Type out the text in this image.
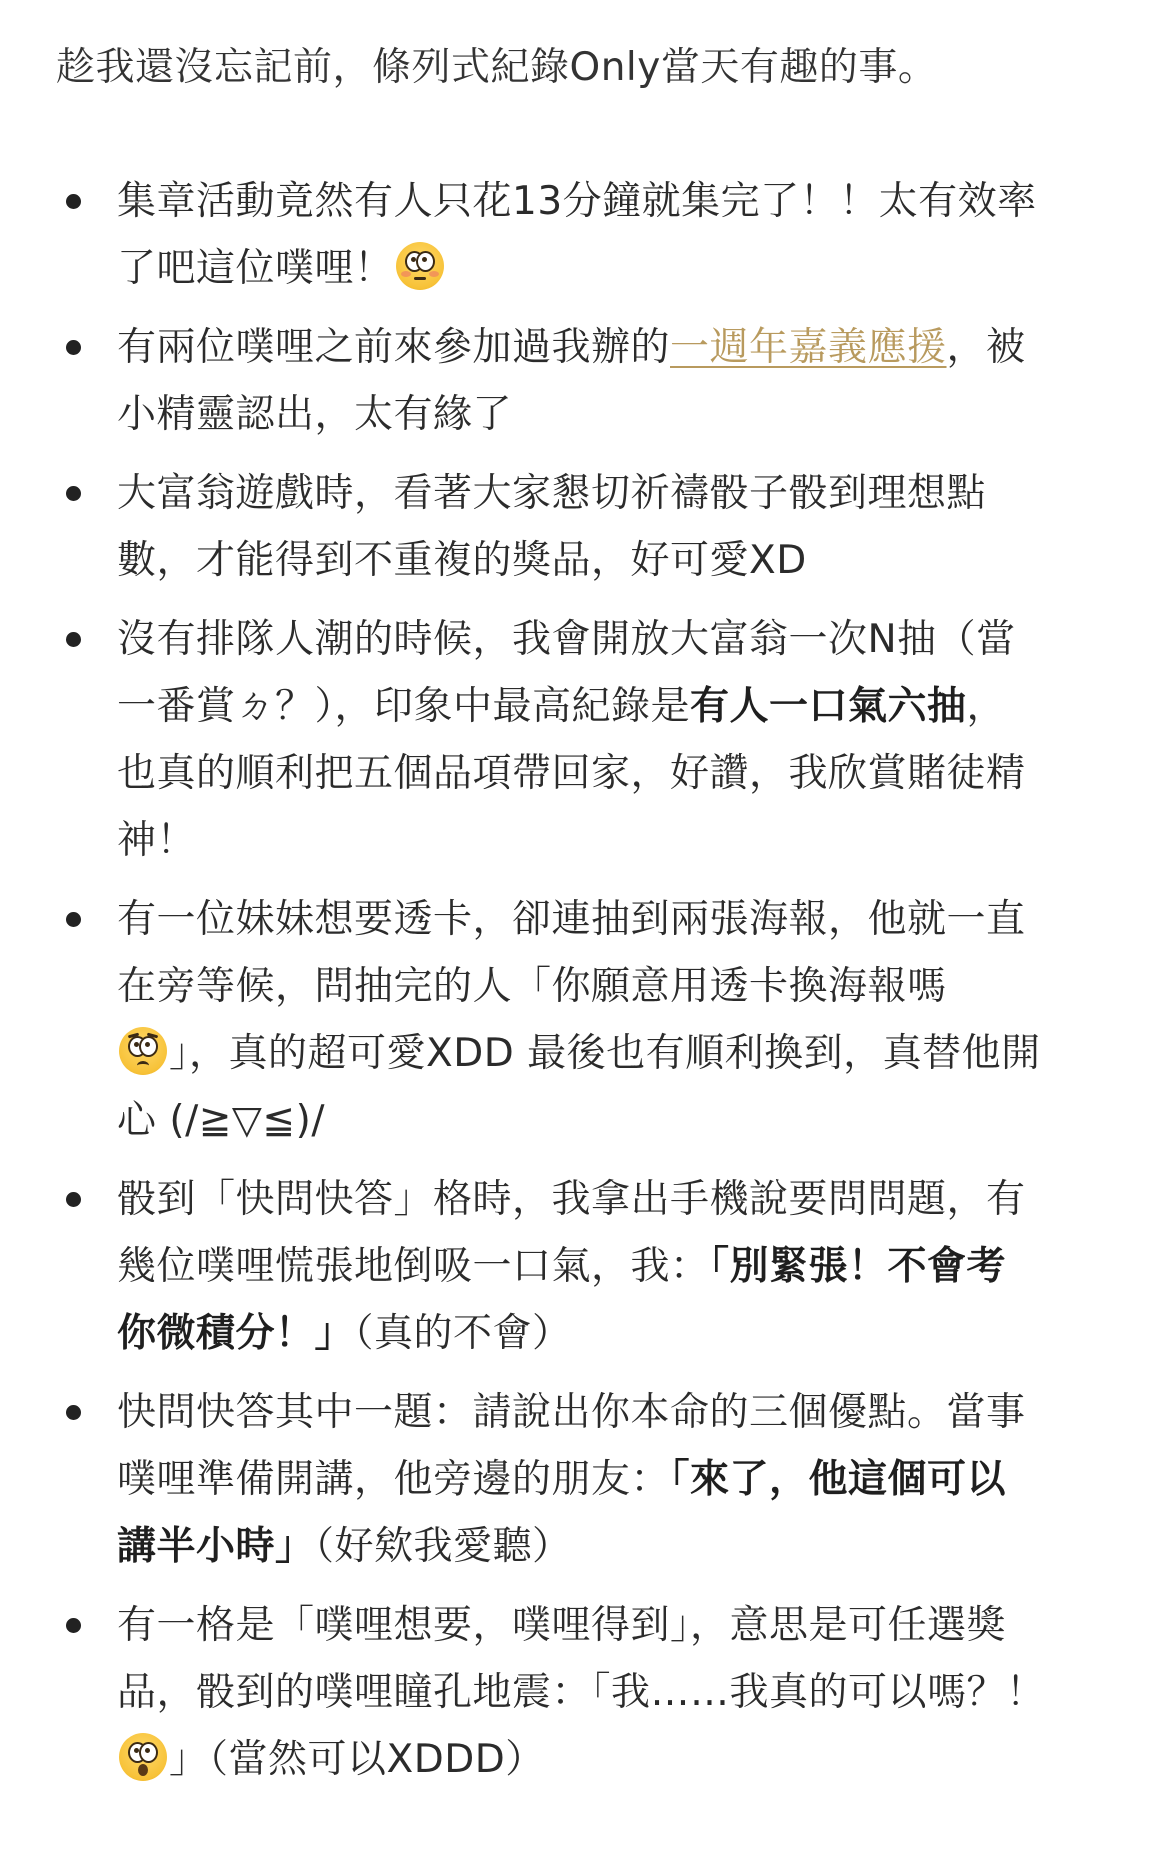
趁我還沒忘記前，條列式紀錄Only當天有趣的事。

集章活動竟然有人只花13分鐘就集完了！！太有效率
了吧這位噗哩！
有兩位噗哩之前來參加過我辦的一週年嘉義應援，被
小精靈認出，太有緣了
大富翁遊戲時，看著大家懇切祈禱骰子骰到理想點
數，才能得到不重複的獎品，好可愛XD
沒有排隊人潮的時候，我會開放大富翁一次N抽（當
一番賞ㄉ？），印象中最高紀錄是有人一口氣六抽，
也真的順利把五個品項帶回家，好讚，我欣賞賭徒精
神！
有一位妹妹想要透卡，卻連抽到兩張海報，他就一直
在旁等候，問抽完的人「你願意用透卡換海報嗎
」，真的超可愛XDD 最後也有順利換到，真替他開
心 (/≧▽≦)/
骰到「快問快答」格時，我拿出手機說要問問題，有
幾位噗哩慌張地倒吸一口氣，我：「別緊張！不會考
你微積分！」（真的不會）
快問快答其中一題：請說出你本命的三個優點。當事
噗哩準備開講，他旁邊的朋友：「來了，他這個可以
講半小時」（好欸我愛聽）
有一格是「噗哩想要，噗哩得到」，意思是可任選獎
品，骰到的噗哩瞳孔地震：「我……我真的可以嗎？！
」（當然可以XDDD）
